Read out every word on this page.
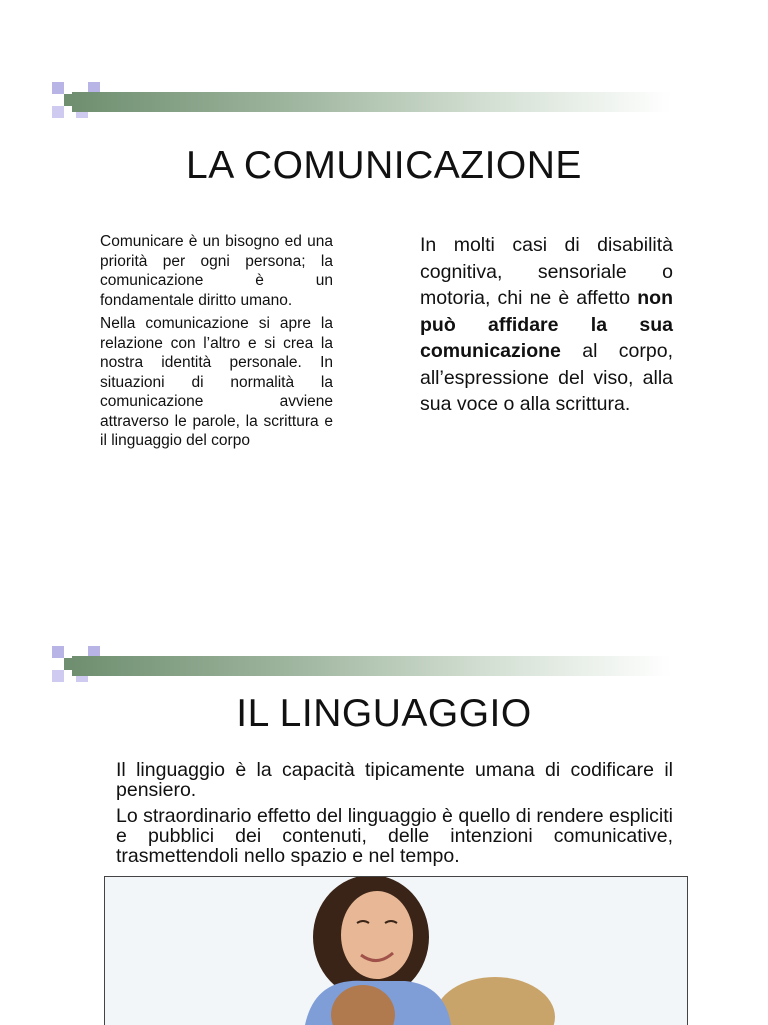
LA COMUNICAZIONE

Comunicare è un bisogno ed una priorità per ogni persona; la comunicazione è un fondamentale diritto umano.

Nella comunicazione si apre la relazione con l’altro e si crea la nostra identità personale. In situazioni di normalità la comunicazione avviene attraverso le parole, la scrittura e il linguaggio del corpo

In molti casi di disabilità cognitiva, sensoriale o motoria, chi ne è affetto non può affidare la sua comunicazione al corpo, all’espressione del viso, alla sua voce o alla scrittura.

IL LINGUAGGIO

Il linguaggio è la capacità tipicamente umana di codificare il pensiero.

Lo straordinario effetto del linguaggio è quello di rendere espliciti e pubblici dei contenuti, delle intenzioni comunicative, trasmettendoli nello spazio e nel tempo.
